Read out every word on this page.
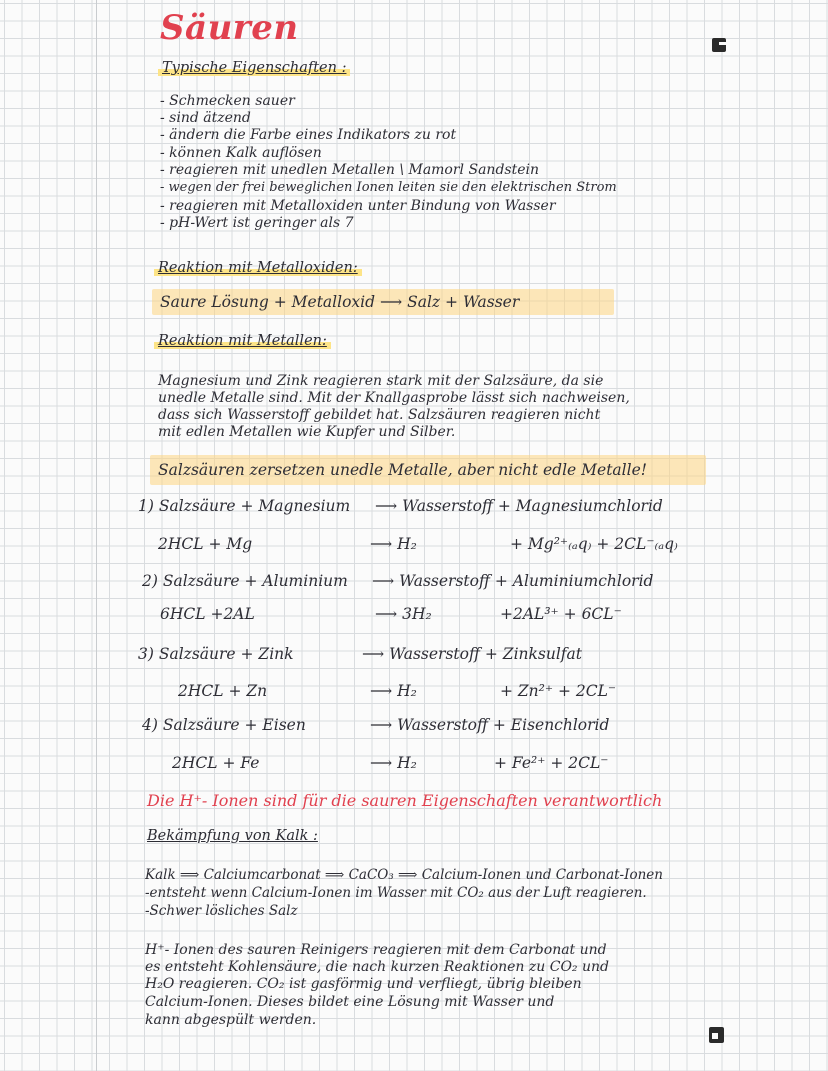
Säuren
Typische Eigenschaften :
- Schmecken sauer
- sind ätzend
- ändern die Farbe eines Indikators zu rot
- können Kalk auflösen
- reagieren mit unedlen Metallen \ Mamorl Sandstein
- wegen der frei beweglichen Ionen leiten sie den elektrischen Strom
- reagieren mit Metalloxiden unter Bindung von Wasser
- pH-Wert ist geringer als 7
Reaktion mit Metalloxiden:
Saure Lösung + Metalloxid ⟶ Salz + Wasser
Reaktion mit Metallen:
Magnesium und Zink reagieren stark mit der Salzsäure, da sie
unedle Metalle sind. Mit der Knallgasprobe lässt sich nachweisen,
dass sich Wasserstoff gebildet hat. Salzsäuren reagieren nicht
mit edlen Metallen wie Kupfer und Silber.
Salzsäuren zersetzen unedle Metalle, aber nicht edle Metalle!
1) Salzsäure + Magnesium ⟶ Wasserstoff + Magnesiumchlorid
2HCL + Mg	⟶ H₂	+ Mg²⁺₍ₐq₎ + 2CL⁻₍ₐq₎
2) Salzsäure + Aluminium ⟶ Wasserstoff + Aluminiumchlorid
6HCL +2AL	⟶ 3H₂	+2AL³⁺ + 6CL⁻
3) Salzsäure + Zink	⟶ Wasserstoff + Zinksulfat
2HCL + Zn	⟶ H₂	+ Zn²⁺ + 2CL⁻
4) Salzsäure + Eisen	⟶ Wasserstoff + Eisenchlorid
2HCL + Fe	⟶ H₂	+ Fe²⁺ + 2CL⁻
Die H⁺- Ionen sind für die sauren Eigenschaften verantwortlich
Bekämpfung von Kalk :
Kalk ⟹ Calciumcarbonat ⟹ CaCO₃ ⟹ Calcium-Ionen und Carbonat-Ionen
-entsteht wenn Calcium-Ionen im Wasser mit CO₂ aus der Luft reagieren.
-Schwer lösliches Salz
H⁺- Ionen des sauren Reinigers reagieren mit dem Carbonat und
es entsteht Kohlensäure, die nach kurzen Reaktionen zu CO₂ und
H₂O reagieren. CO₂ ist gasförmig und verfliegt, übrig bleiben
Calcium-Ionen. Dieses bildet eine Lösung mit Wasser und
kann abgespült werden.
